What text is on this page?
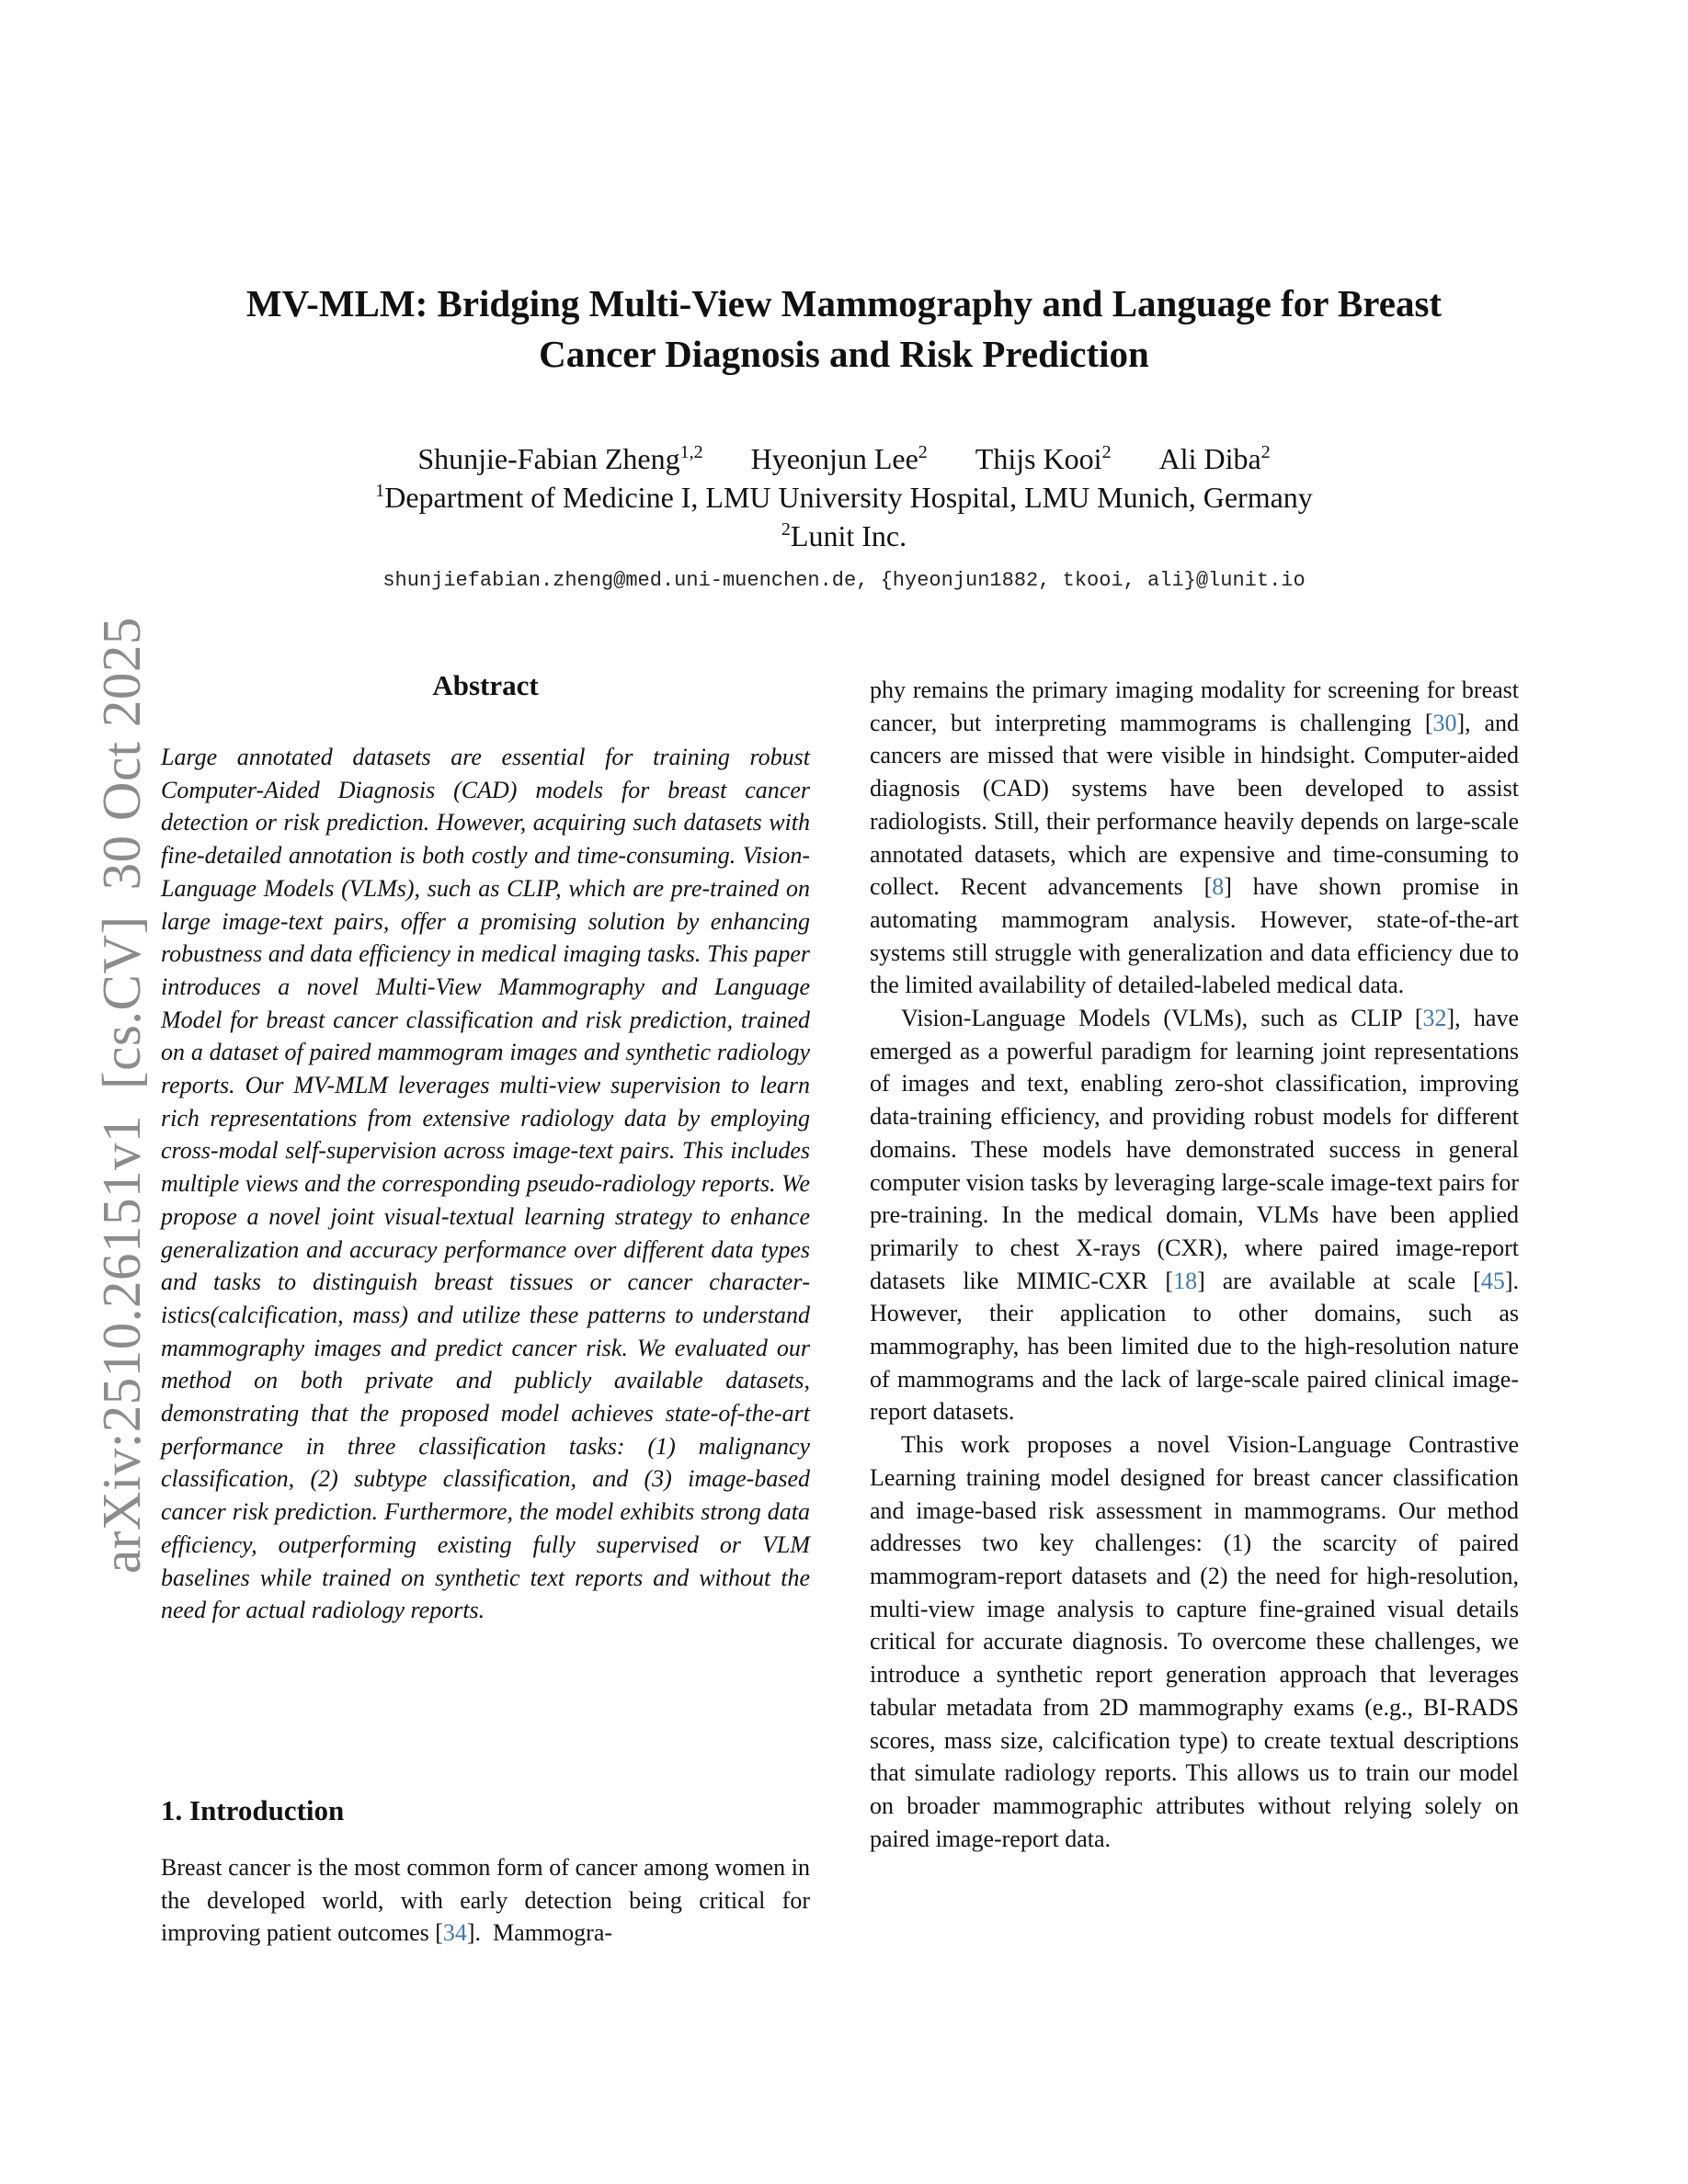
arXiv:2510.26151v1[cs.CV]30 Oct 2025
MV-MLM: Bridging Multi-View Mammography and Language for Breast
Cancer Diagnosis and Risk Prediction
Shunjie-Fabian Zheng$^{1,2}$ Hyeonjun Lee$^2$ Thijs Kooi$^2$ Ali Diba$^2$
$^1$Department of Medicine I, LMU University Hospital, LMU Munich, Germany
$^2$Lunit Inc.
shunjiefabian.zheng@med.uni-muenchen.de, {hyeonjun1882, tkooi, ali}@lunit.io
Abstract

Large annotated datasets are essential for training robust Computer-Aided Diagnosis (CAD) models for breast cancer detection or risk prediction. However, acquiring such datasets with fine-detailed annotation is both costly and time-consuming. Vision-Language Models (VLMs), such as CLIP, which are pre-trained on large image-text pairs, offer a promising solution by enhancing robustness and data efficiency in medical imaging tasks. This paper introduces a novel Multi-View Mammography and Language Model for breast cancer classification and risk prediction, trained on a dataset of paired mammogram images and synthetic radiology reports. Our MV-MLM leverages multi-view supervision to learn rich representations from extensive radiology data by employing cross-modal self-supervision across image-text pairs. This includes multiple views and the corresponding pseudo-radiology reports. We propose a novel joint visual-textual learning strategy to enhance generalization and accuracy performance over different data types and tasks to distinguish breast tissues or cancer characteristics(calcification, mass) and utilize these patterns to understand mammography images and predict cancer risk. We evaluated our method on both private and publicly available datasets, demonstrating that the proposed model achieves state-of-the-art performance in three classification tasks: (1) malignancy classification, (2) subtype classification, and (3) image-based cancer risk prediction. Furthermore, the model exhibits strong data efficiency, outperforming existing fully supervised or VLM baselines while trained on synthetic text reports and without the need for actual radiology reports.

1. Introduction

Breast cancer is the most common form of cancer among women in the developed world, with early detection being critical for improving patient outcomes [34].  Mammogra-

phy remains the primary imaging modality for screening for breast cancer, but interpreting mammograms is challenging [30], and cancers are missed that were visible in hindsight. Computer-aided diagnosis (CAD) systems have been developed to assist radiologists. Still, their performance heavily depends on large-scale annotated datasets, which are expensive and time-consuming to collect. Recent advancements [8] have shown promise in automating mammogram analysis. However, state-of-the-art systems still struggle with generalization and data efficiency due to the limited availability of detailed-labeled medical data.

Vision-Language Models (VLMs), such as CLIP [32], have emerged as a powerful paradigm for learning joint representations of images and text, enabling zero-shot classification, improving data-training efficiency, and providing robust models for different domains. These models have demonstrated success in general computer vision tasks by leveraging large-scale image-text pairs for pre-training. In the medical domain, VLMs have been applied primarily to chest X-rays (CXR), where paired image-report datasets like MIMIC-CXR [18] are available at scale [45]. However, their application to other domains, such as mammography, has been limited due to the high-resolution nature of mammograms and the lack of large-scale paired clinical image-report datasets.

This work proposes a novel Vision-Language Contrastive Learning training model designed for breast cancer classification and image-based risk assessment in mammograms. Our method addresses two key challenges: (1) the scarcity of paired mammogram-report datasets and (2) the need for high-resolution, multi-view image analysis to capture fine-grained visual details critical for accurate diagnosis. To overcome these challenges, we introduce a synthetic report generation approach that leverages tabular metadata from 2D mammography exams (e.g., BI-RADS scores, mass size, calcification type) to create textual descriptions that simulate radiology reports. This allows us to train our model on broader mammographic attributes without relying solely on paired image-report data.
